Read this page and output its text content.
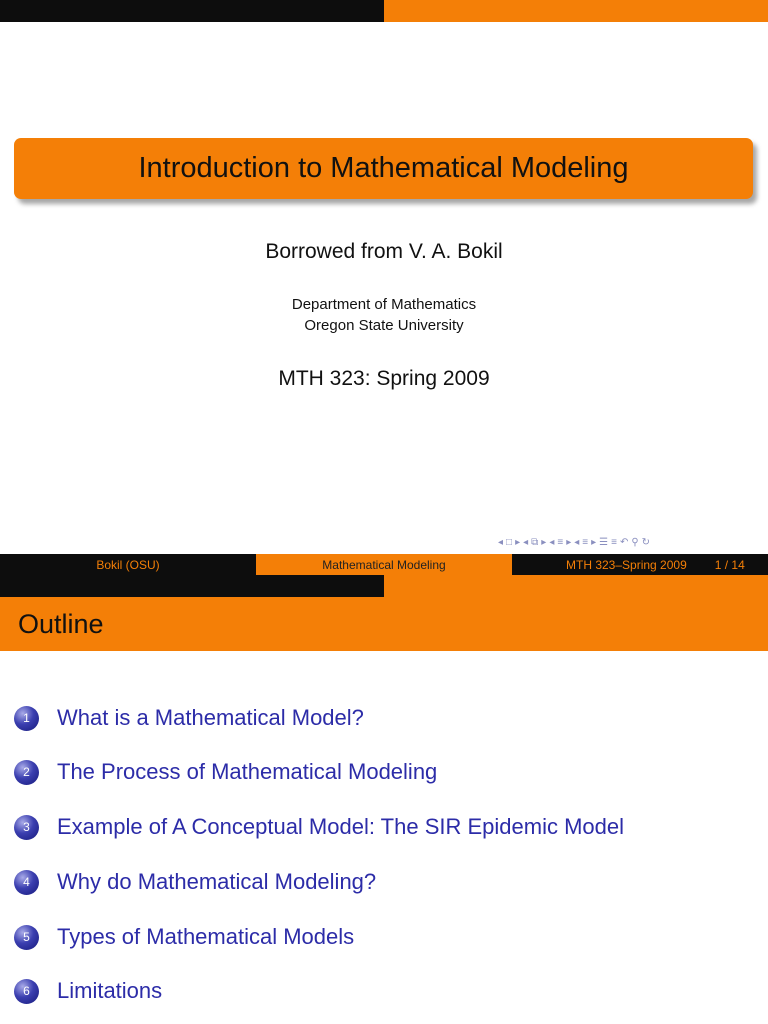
Introduction to Mathematical Modeling
Borrowed from V. A. Bokil
Department of Mathematics
Oregon State University
MTH 323: Spring 2009
◂ □ ▸ ◂ ⧉ ▸ ◂ ≡ ▸ ◂ ≡ ▸ ☰ ≡ ↶ ⚲ ↻
Bokil (OSU)	Mathematical Modeling	MTH 323–Spring 2009 1 / 14
Outline
1	What is a Mathematical Model?
2	The Process of Mathematical Modeling
3	Example of A Conceptual Model: The SIR Epidemic Model
4	Why do Mathematical Modeling?
5	Types of Mathematical Models
6	Limitations
